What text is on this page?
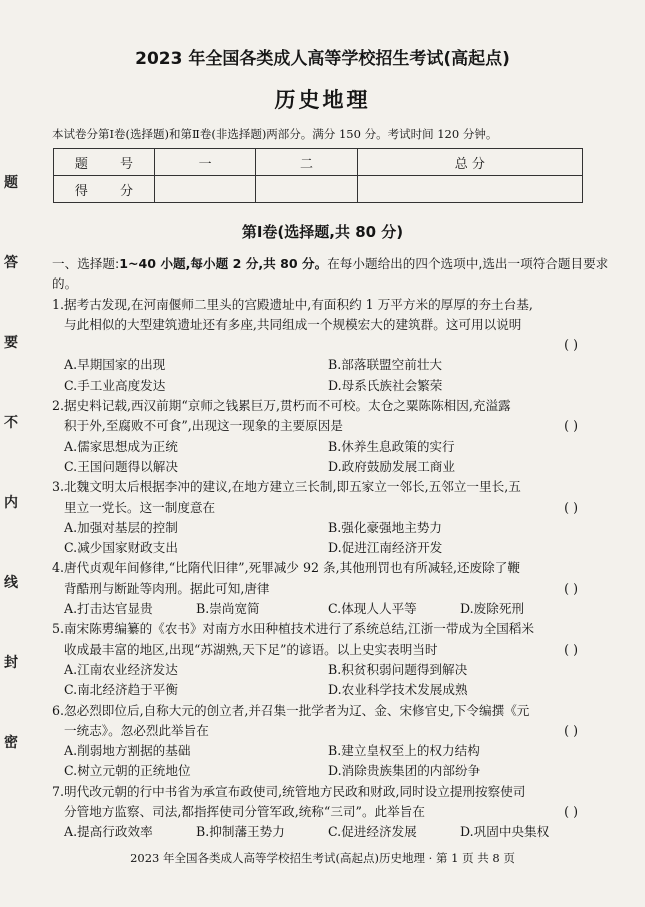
题
答
要
不
内
线
封
密
2023 年全国各类成人高等学校招生考试(高起点)
历史地理
本试卷分第Ⅰ卷(选择题)和第Ⅱ卷(非选择题)两部分。满分 150 分。考试时间 120 分钟。
题 号	一	二	总 分
得 分			
第Ⅰ卷(选择题,共 80 分)

一、选择题:1~40 小题,每小题 2 分,共 80 分。在每小题给出的四个选项中,选出一项符合题目要求的。

1.据考古发现,在河南偃师二里头的宫殿遗址中,有面积约 1 万平方米的厚厚的夯土台基,
与此相似的大型建筑遗址还有多座,共同组成一个规模宏大的建筑群。这可用以说明
( )
A.早期国家的出现	B.部落联盟空前壮大
C.手工业高度发达	D.母系氏族社会繁荣
2.据史料记载,西汉前期“京师之钱累巨万,贯朽而不可校。太仓之粟陈陈相因,充溢露
积于外,至腐败不可食”,出现这一现象的主要原因是	( )
A.儒家思想成为正统	B.休养生息政策的实行
C.王国问题得以解决	D.政府鼓励发展工商业
3.北魏文明太后根据李冲的建议,在地方建立三长制,即五家立一邻长,五邻立一里长,五
里立一党长。这一制度意在	( )
A.加强对基层的控制	B.强化豪强地主势力
C.减少国家财政支出	D.促进江南经济开发
4.唐代贞观年间修律,“比隋代旧律”,死罪减少 92 条,其他刑罚也有所减轻,还废除了鞭
背酷刑与断趾等肉刑。据此可知,唐律	( )
A.打击达官显贵	B.崇尚宽简	C.体现人人平等	D.废除死刑
5.南宋陈旉编纂的《农书》对南方水田种植技术进行了系统总结,江浙一带成为全国稻米
收成最丰富的地区,出现“苏湖熟,天下足”的谚语。以上史实表明当时	( )
A.江南农业经济发达	B.积贫积弱问题得到解决
C.南北经济趋于平衡	D.农业科学技术发展成熟
6.忽必烈即位后,自称大元的创立者,并召集一批学者为辽、金、宋修官史,下令编撰《元
一统志》。忽必烈此举旨在	( )
A.削弱地方割据的基础	B.建立皇权至上的权力结构
C.树立元朝的正统地位	D.消除贵族集团的内部纷争
7.明代改元朝的行中书省为承宣布政使司,统管地方民政和财政,同时设立提刑按察使司
分管地方监察、司法,都指挥使司分管军政,统称“三司”。此举旨在	( )
A.提高行政效率	B.抑制藩王势力	C.促进经济发展	D.巩固中央集权
2023 年全国各类成人高等学校招生考试(高起点)历史地理 · 第 1 页 共 8 页
